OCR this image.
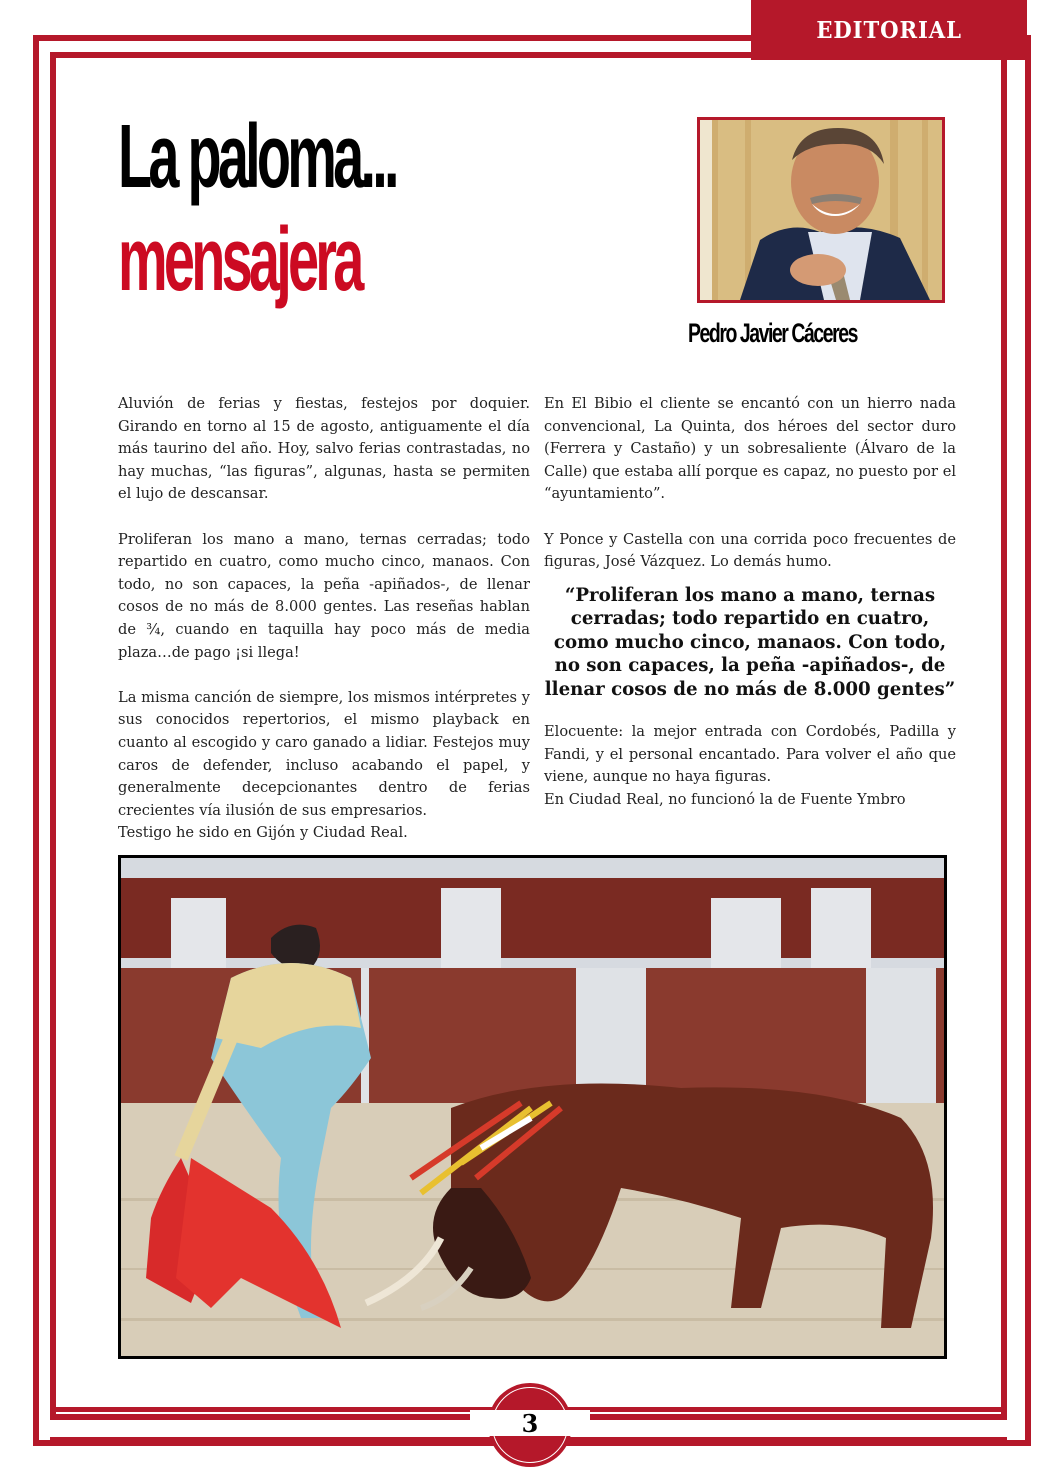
EDITORIAL
La paloma...
mensajera
Pedro Javier Cáceres

Aluvión de ferias y fiestas, festejos por doquier. Girando en torno al 15 de agosto, antiguamente el día más taurino del año. Hoy, salvo ferias contrastadas, no hay muchas, “las figuras”, algunas, hasta se permiten el lujo de descansar.

Proliferan los mano a mano, ternas cerradas; todo repartido en cuatro, como mucho cinco, manaos. Con todo, no son capaces, la peña -apiñados-, de llenar cosos de no más de 8.000 gentes. Las reseñas hablan de ¾, cuando en taquilla hay poco más de media plaza…de pago ¡si llega!

La misma canción de siempre, los mismos intérpretes y sus conocidos repertorios, el mismo playback en cuanto al escogido y caro ganado a lidiar. Festejos muy caros de defender, incluso acabando el papel, y generalmente decepcionantes dentro de ferias crecientes vía ilusión de sus empresarios.

Testigo he sido en Gijón y Ciudad Real.

En El Bibio el cliente se encantó con un hierro nada convencional, La Quinta, dos héroes del sector duro (Ferrera y Castaño) y un sobresaliente (Álvaro de la Calle) que estaba allí porque es capaz, no puesto por el “ayuntamiento”.

Y Ponce y Castella con una corrida poco frecuentes de figuras, José Vázquez. Lo demás humo.

“Proliferan los mano a mano, ternas cerradas; todo repartido en cuatro, como mucho cinco, manaos. Con todo, no son capaces, la peña -apiñados-, de llenar cosos de no más de 8.000 gentes”

Elocuente: la mejor entrada con Cordobés, Padilla y Fandi, y el personal encantado. Para volver el año que viene, aunque no haya figuras.

En Ciudad Real, no funcionó la de Fuente Ymbro

3
